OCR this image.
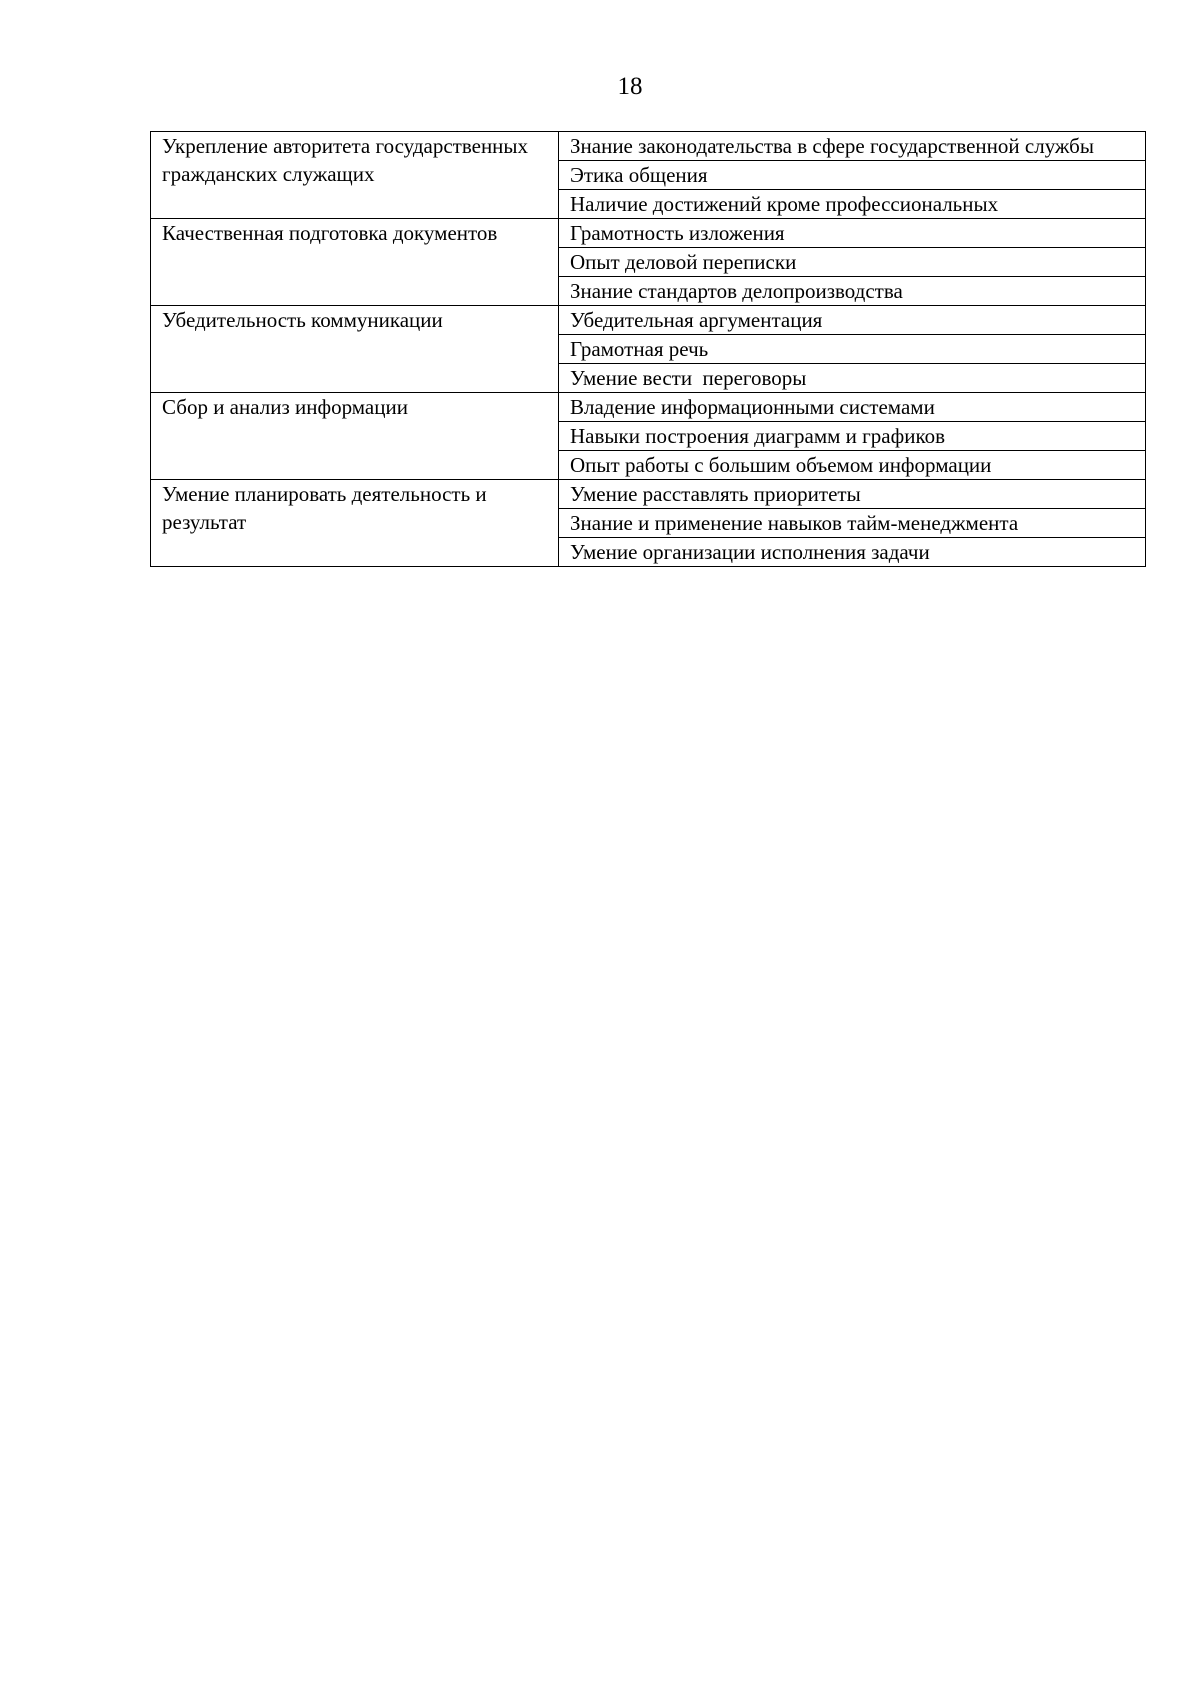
18
Укрепление авторитета государственных гражданских служащих	Знание законодательства в сфере государственной службы
	Этика общения
	Наличие достижений кроме профессиональных
Качественная подготовка документов	Грамотность изложения
	Опыт деловой переписки
	Знание стандартов делопроизводства
Убедительность коммуникации	Убедительная аргументация
	Грамотная речь
	Умение вести  переговоры
Сбор и анализ информации	Владение информационными системами
	Навыки построения диаграмм и графиков
	Опыт работы с большим объемом информации
Умение планировать деятельность и результат	Умение расставлять приоритеты
	Знание и применение навыков тайм-менеджмента
	Умение организации исполнения задачи
